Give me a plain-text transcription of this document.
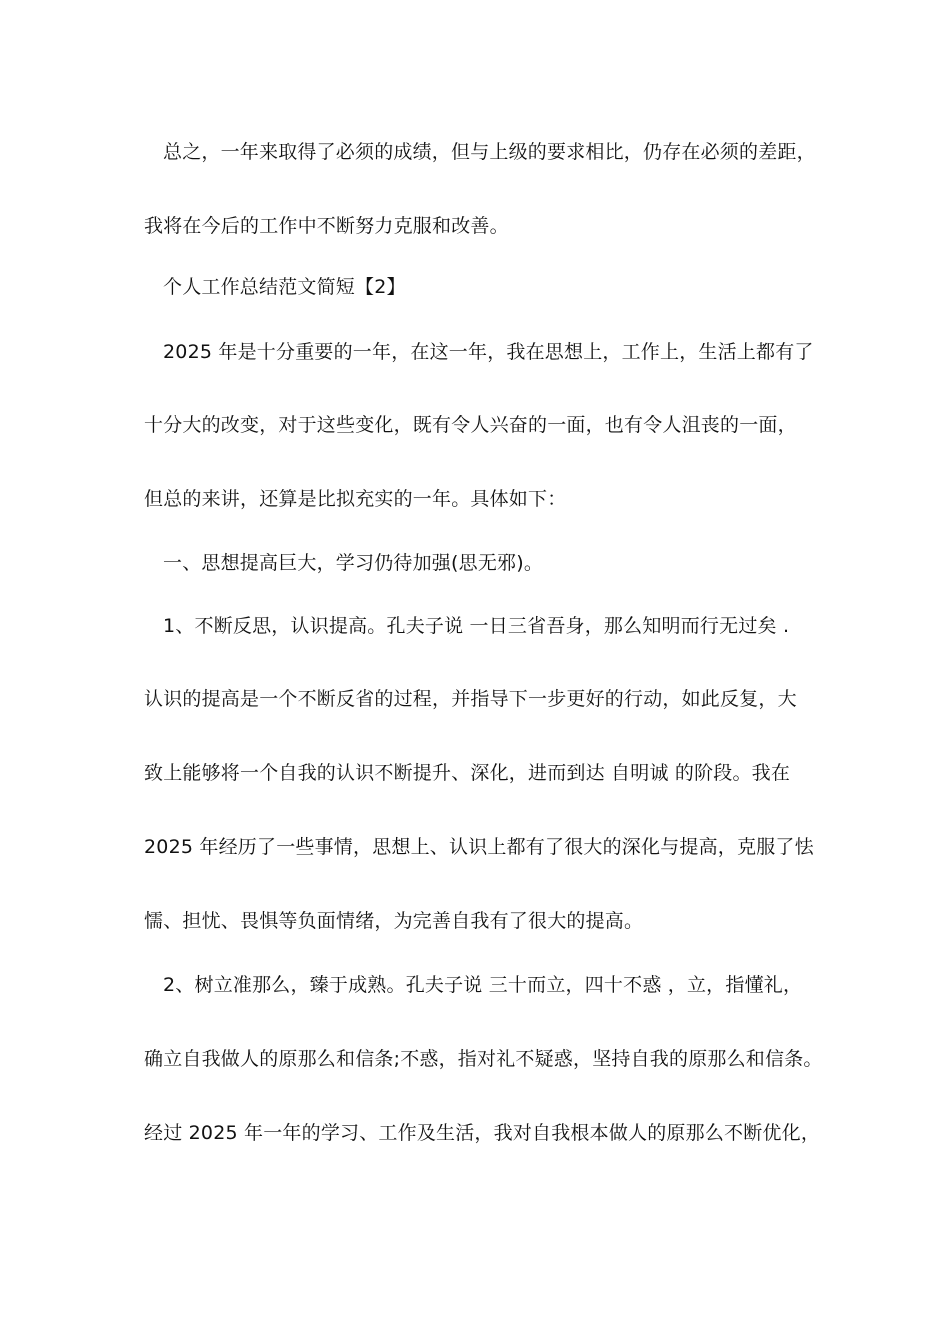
总之，一年来取得了必须的成绩，但与上级的要求相比，仍存在必须的差距，
我将在今后的工作中不断努力克服和改善。
个人工作总结范文简短【2】
2025 年是十分重要的一年，在这一年，我在思想上，工作上，生活上都有了
十分大的改变，对于这些变化，既有令人兴奋的一面，也有令人沮丧的一面，
但总的来讲，还算是比拟充实的一年。具体如下：
一、思想提高巨大，学习仍待加强(思无邪)。
1、不断反思，认识提高。孔夫子说 一日三省吾身，那么知明而行无过矣 .
认识的提高是一个不断反省的过程，并指导下一步更好的行动，如此反复，大
致上能够将一个自我的认识不断提升、深化，进而到达 自明诚 的阶段。我在
2025 年经历了一些事情，思想上、认识上都有了很大的深化与提高，克服了怯
懦、担忧、畏惧等负面情绪，为完善自我有了很大的提高。
2、树立准那么，臻于成熟。孔夫子说 三十而立，四十不惑 ，立，指懂礼，
确立自我做人的原那么和信条;不惑，指对礼不疑惑，坚持自我的原那么和信条。
经过 2025 年一年的学习、工作及生活，我对自我根本做人的原那么不断优化，
